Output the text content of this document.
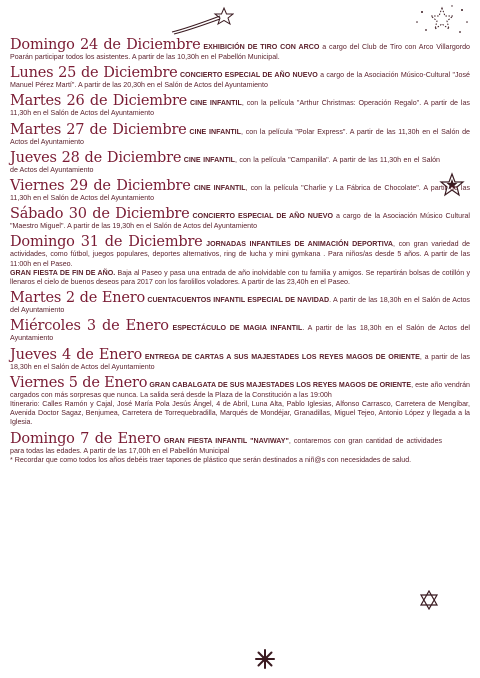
Domingo 24 de Diciembre EXHIBICIÓN DE TIRO CON ARCO a cargo del Club de Tiro con Arco Villargordo Poarán participar todos los asistentes. A partir de las 10,30h en el Pabellón Municipal.
Lunes 25 de Diciembre CONCIERTO ESPECIAL DE AÑO NUEVO a cargo de la Asociación Músico-Cultural "José Manuel Pérez Martí". A partir de las 20,30h en el Salón de Actos del Ayuntamiento
Martes 26 de Diciembre CINE INFANTIL, con la película "Arthur Christmas: Operación Regalo". A partir de las 11,30h en el Salón de Actos del Ayuntamiento
Martes 27 de Diciembre CINE INFANTIL, con la película "Polar Express". A partir de las 11,30h en el Salón de Actos del Ayuntamiento
Jueves 28 de Diciembre CINE INFANTIL, con la película "Campanilla". A partir de las 11,30h en el Salón de Actos del Ayuntamiento
Viernes 29 de Diciembre CINE INFANTIL, con la película "Charlie y La Fábrica de Chocolate". A partir de las 11,30h en el Salón de Actos del Ayuntamiento
Sábado 30 de Diciembre CONCIERTO ESPECIAL DE AÑO NUEVO a cargo de la Asociación Músico Cultural "Maestro Miguel". A partir de las 19,30h en el Salón de Actos del Ayuntamiento
Domingo 31 de Diciembre JORNADAS INFANTILES DE ANIMACIÓN DEPORTIVA, con gran variedad de actividades, como fútbol, juegos populares, deportes alternativos, ring de lucha y mini gymkana . Para niños/as desde 5 años. A partir de las 11:00h en el Paseo.
GRAN FIESTA DE FIN DE AÑO. Baja al Paseo y pasa una entrada de año inolvidable con tu familia y amigos. Se repartirán bolsas de cotillón y llenaros el cielo de buenos deseos para 2017 con los farolillos voladores. A partir de las 23,40h en el Paseo.
Martes 2 de Enero CUENTACUENTOS INFANTIL ESPECIAL DE NAVIDAD. A partir de las 18,30h en el Salón de Actos del Ayuntamiento
Miércoles 3 de Enero ESPECTÁCULO DE MAGIA INFANTIL. A partir de las 18,30h en el Salón de Actos del Ayuntamiento
Jueves 4 de Enero ENTREGA DE CARTAS A SUS MAJESTADES LOS REYES MAGOS DE ORIENTE, a partir de las 18,30h en el Salón de Actos del Ayuntamiento
Viernes 5 de Enero GRAN CABALGATA DE SUS MAJESTADES LOS REYES MAGOS DE ORIENTE, este año vendrán cargados con más sorpresas que nunca. La salida será desde la Plaza de la Constitución a las 19:00h
Itinerario: Calles Ramón y Cajal, José María Pola Jesús Ángel, 4 de Abril, Luna Alta, Pablo Iglesias, Alfonso Carrasco, Carretera de Mengíbar, Avenida Doctor Sagaz, Benjumea, Carretera de Torrequebradilla, Marqués de Mondéjar, Granadillas, Miguel Tejeo, Antonio López y llegada a la Iglesia.
Domingo 7 de Enero GRAN FIESTA INFANTIL "NAVIWAY", contaremos con gran cantidad de actividades para todas las edades. A partir de las 17,00h en el Pabellón Municipal
* Recordar que como todos los años debéis traer tapones de plástico que serán destinados a niñ@s con necesidades de salud.
